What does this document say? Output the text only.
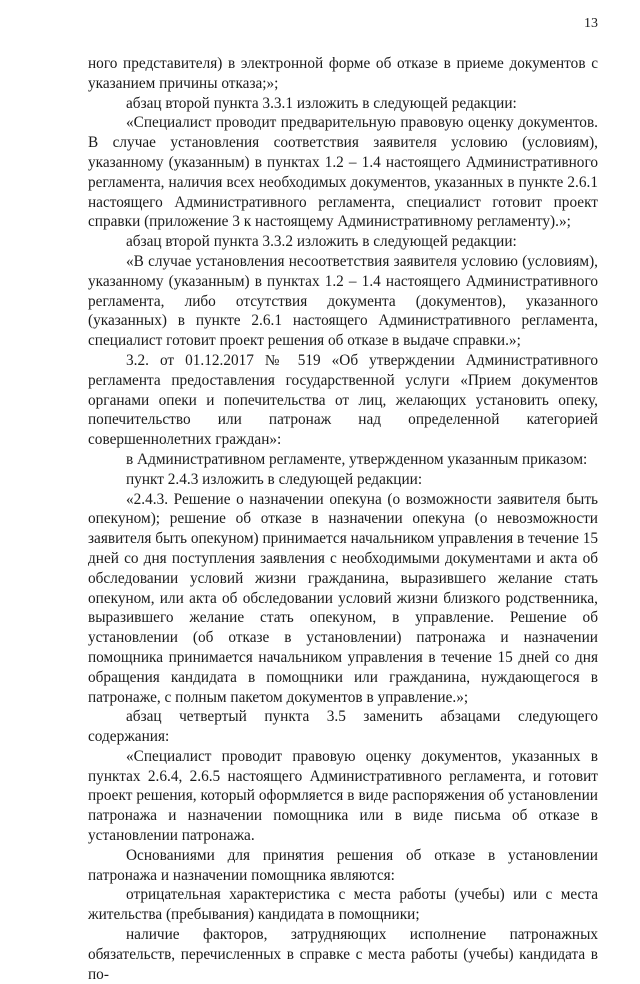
13

ного представителя) в электронной форме об отказе в приеме документов с указанием причины отказа;»;

абзац второй пункта 3.3.1 изложить в следующей редакции:

«Специалист проводит предварительную правовую оценку документов. В случае установления соответствия заявителя условию (условиям), указанному (указанным) в пунктах 1.2 – 1.4 настоящего Административного регламента, наличия всех необходимых документов, указанных в пункте 2.6.1 настоящего Административного регламента, специалист готовит проект справки (приложение 3 к настоящему Административному регламенту).»;

абзац второй пункта 3.3.2 изложить в следующей редакции:

«В случае установления несоответствия заявителя условию (условиям), указанному (указанным) в пунктах 1.2 – 1.4 настоящего Административного регламента, либо отсутствия документа (документов), указанного (указанных) в пункте 2.6.1 настоящего Административного регламента, специалист готовит проект решения об отказе в выдаче справки.»;

3.2. от 01.12.2017 № 519 «Об утверждении Административного регламента предоставления государственной услуги «Прием документов органами опеки и попечительства от лиц, желающих установить опеку, попечительство или патронаж над определенной категорией совершеннолетних граждан»:

в Административном регламенте, утвержденном указанным приказом:

пункт 2.4.3 изложить в следующей редакции:

«2.4.3. Решение о назначении опекуна (о возможности заявителя быть опекуном); решение об отказе в назначении опекуна (о невозможности заявителя быть опекуном) принимается начальником управления в течение 15 дней со дня поступления заявления с необходимыми документами и акта об обследовании условий жизни гражданина, выразившего желание стать опекуном, или акта об обследовании условий жизни близкого родственника, выразившего желание стать опекуном, в управление. Решение об установлении (об отказе в установлении) патронажа и назначении помощника принимается начальником управления в течение 15 дней со дня обращения кандидата в помощники или гражданина, нуждающегося в патронаже, с полным пакетом документов в управление.»;

абзац четвертый пункта 3.5 заменить абзацами следующего содержания:

«Специалист проводит правовую оценку документов, указанных в пунктах 2.6.4, 2.6.5 настоящего Административного регламента, и готовит проект решения, который оформляется в виде распоряжения об установлении патронажа и назначении помощника или в виде письма об отказе в установлении патронажа.

Основаниями для принятия решения об отказе в установлении патронажа и назначении помощника являются:

отрицательная характеристика с места работы (учебы) или с места жительства (пребывания) кандидата в помощники;

наличие факторов, затрудняющих исполнение патронажных обязательств, перечисленных в справке с места работы (учебы) кандидата в по-
